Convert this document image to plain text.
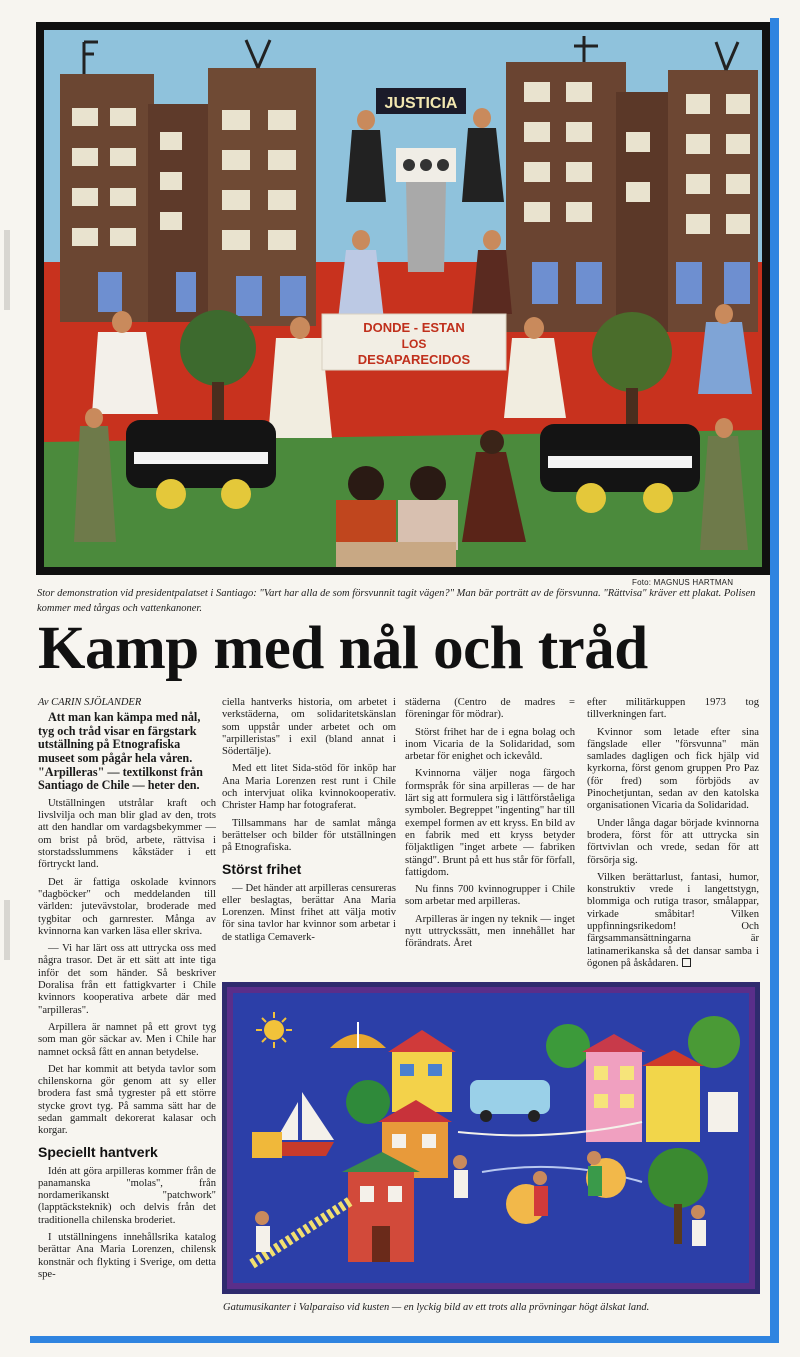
JUSTICIA
DONDE - ESTAN
LOS
DESAPARECIDOS
Foto: MAGNUS HARTMAN
Stor demonstration vid presidentpalatset i Santiago: "Vart har alla de som försvunnit tagit vägen?" Man bär porträtt av de försvunna. "Rättvisa" kräver ett plakat. Polisen kommer med tårgas och vattenkanoner.
Kamp med nål och tråd
Av CARIN SJÖLANDER

Att man kan kämpa med nål, tyg och tråd visar en färgstark utställning på Etnografiska museet som pågår hela våren. "Arpilleras" — textilkonst från Santiago de Chile — heter den.

Utställningen utstrålar kraft och livslvilja och man blir glad av den, trots att den handlar om vardagsbekymmer — om brist på bröd, arbete, rättvisa i storstadsslummens kåkstäder i ett förtryckt land.

Det är fattiga oskolade kvinnors "dagböcker" och meddelanden till världen: jutevävstolar, broderade med tygbitar och garnrester. Många av kvinnorna kan varken läsa eller skriva.

— Vi har lärt oss att uttrycka oss med några trasor. Det är ett sätt att inte tiga inför det som händer. Så beskriver Doralisa från ett fattigkvarter i Chile kvinnors kooperativa arbete där med "arpilleras".

Arpillera är namnet på ett grovt tyg som man gör säckar av. Men i Chile har namnet också fått en annan betydelse.

Det har kommit att betyda tavlor som chilenskorna gör genom att sy eller brodera fast små tygrester på ett större stycke grovt tyg. På samma sätt har de sedan gammalt dekorerat kalasar och korgar.

Speciellt hantverk

Idén att göra arpilleras kommer från de panamanska "molas", från nordamerikanskt "patchwork" (lapptäcksteknik) och delvis från det traditionella chilenska broderiet.

I utställningens innehållsrika katalog berättar Ana Maria Lorenzen, chilensk konstnär och flykting i Sverige, om detta spe-

ciella hantverks historia, om arbetet i verkstäderna, om solidaritetskänslan som uppstår under arbetet och om "arpilleristas" i exil (bland annat i Södertälje).

Med ett litet Sida-stöd för inköp har Ana Maria Lorenzen rest runt i Chile och intervjuat olika kvinnokooperativ. Christer Hamp har fotograferat.

Tillsammans har de samlat många berättelser och bilder för utställningen på Etnografiska.

Störst frihet

— Det händer att arpilleras censureras eller beslagtas, berättar Ana Maria Lorenzen. Minst frihet att välja motiv för sina tavlor har kvinnor som arbetar i de statliga Cemaverk-

städerna (Centro de madres = föreningar för mödrar).

Störst frihet har de i egna bolag och inom Vicaria de la Solidaridad, som arbetar för enighet och ickevåld.

Kvinnorna väljer noga färgoch formspråk för sina arpilleras — de har lärt sig att formulera sig i lättförståeliga symboler. Begreppet "ingenting" har till exempel formen av ett kryss. En bild av en fabrik med ett kryss betyder följaktligen "inget arbete — fabriken stängd". Brunt på ett hus står för förfall, fattigdom.

Nu finns 700 kvinnogrupper i Chile som arbetar med arpilleras.

Arpilleras är ingen ny teknik — inget nytt uttryckssätt, men innehållet har förändrats. Året

efter militärkuppen 1973 tog tillverkningen fart.

Kvinnor som letade efter sina fängslade eller "försvunna" män samlades dagligen och fick hjälp vid kyrkorna, först genom gruppen Pro Paz (för fred) som förbjöds av Pinochetjuntan, sedan av den katolska organisationen Vicaria da Solidaridad.

Under långa dagar började kvinnorna brodera, först för att uttrycka sin förtvivlan och vrede, sedan för att försörja sig.

Vilken berättarlust, fantasi, humor, konstruktiv vrede i langettstygn, blommiga och rutiga trasor, smålappar, virkade småbitar! Vilken uppfinningsrikedom! Och färgsammansättningarna är latinamerikanska så det dansar samba i ögonen på åskådaren.

Gatumusikanter i Valparaiso vid kusten — en lyckig bild av ett trots alla prövningar högt älskat land.
